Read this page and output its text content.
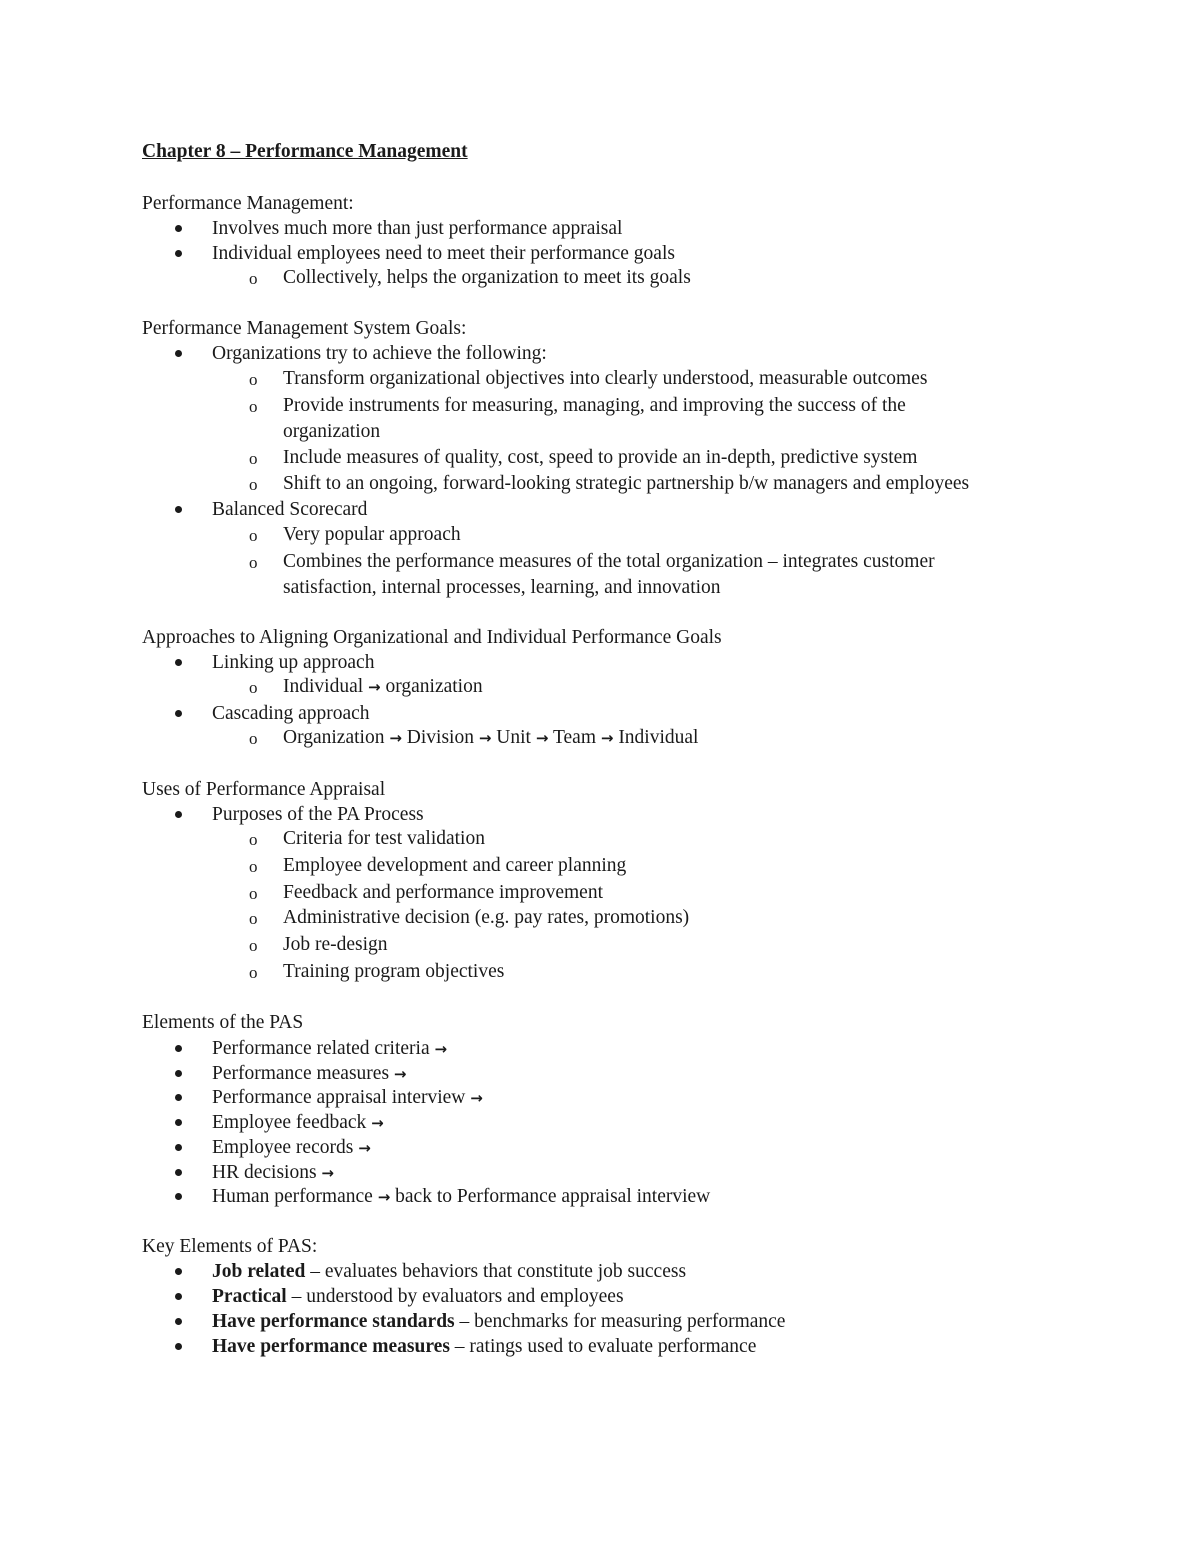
Chapter 8 – Performance Management
Performance Management:
Involves much more than just performance appraisal
Individual employees need to meet their performance goals
o Collectively, helps the organization to meet its goals
Performance Management System Goals:
Organizations try to achieve the following:
o Transform organizational objectives into clearly understood, measurable outcomes
o Provide instruments for measuring, managing, and improving the success of the
organization
o Include measures of quality, cost, speed to provide an in-depth, predictive system
o Shift to an ongoing, forward-looking strategic partnership b/w managers and employees
Balanced Scorecard
o Very popular approach
o Combines the performance measures of the total organization – integrates customer
satisfaction, internal processes, learning, and innovation
Approaches to Aligning Organizational and Individual Performance Goals
Linking up approach
o Individual → organization
Cascading approach
o Organization → Division → Unit → Team → Individual
Uses of Performance Appraisal
Purposes of the PA Process
o Criteria for test validation
o Employee development and career planning
o Feedback and performance improvement
o Administrative decision (e.g. pay rates, promotions)
o Job re-design
o Training program objectives
Elements of the PAS
Performance related criteria →
Performance measures →
Performance appraisal interview →
Employee feedback →
Employee records →
HR decisions →
Human performance → back to Performance appraisal interview
Key Elements of PAS:
Job related – evaluates behaviors that constitute job success
Practical – understood by evaluators and employees
Have performance standards – benchmarks for measuring performance
Have performance measures – ratings used to evaluate performance
